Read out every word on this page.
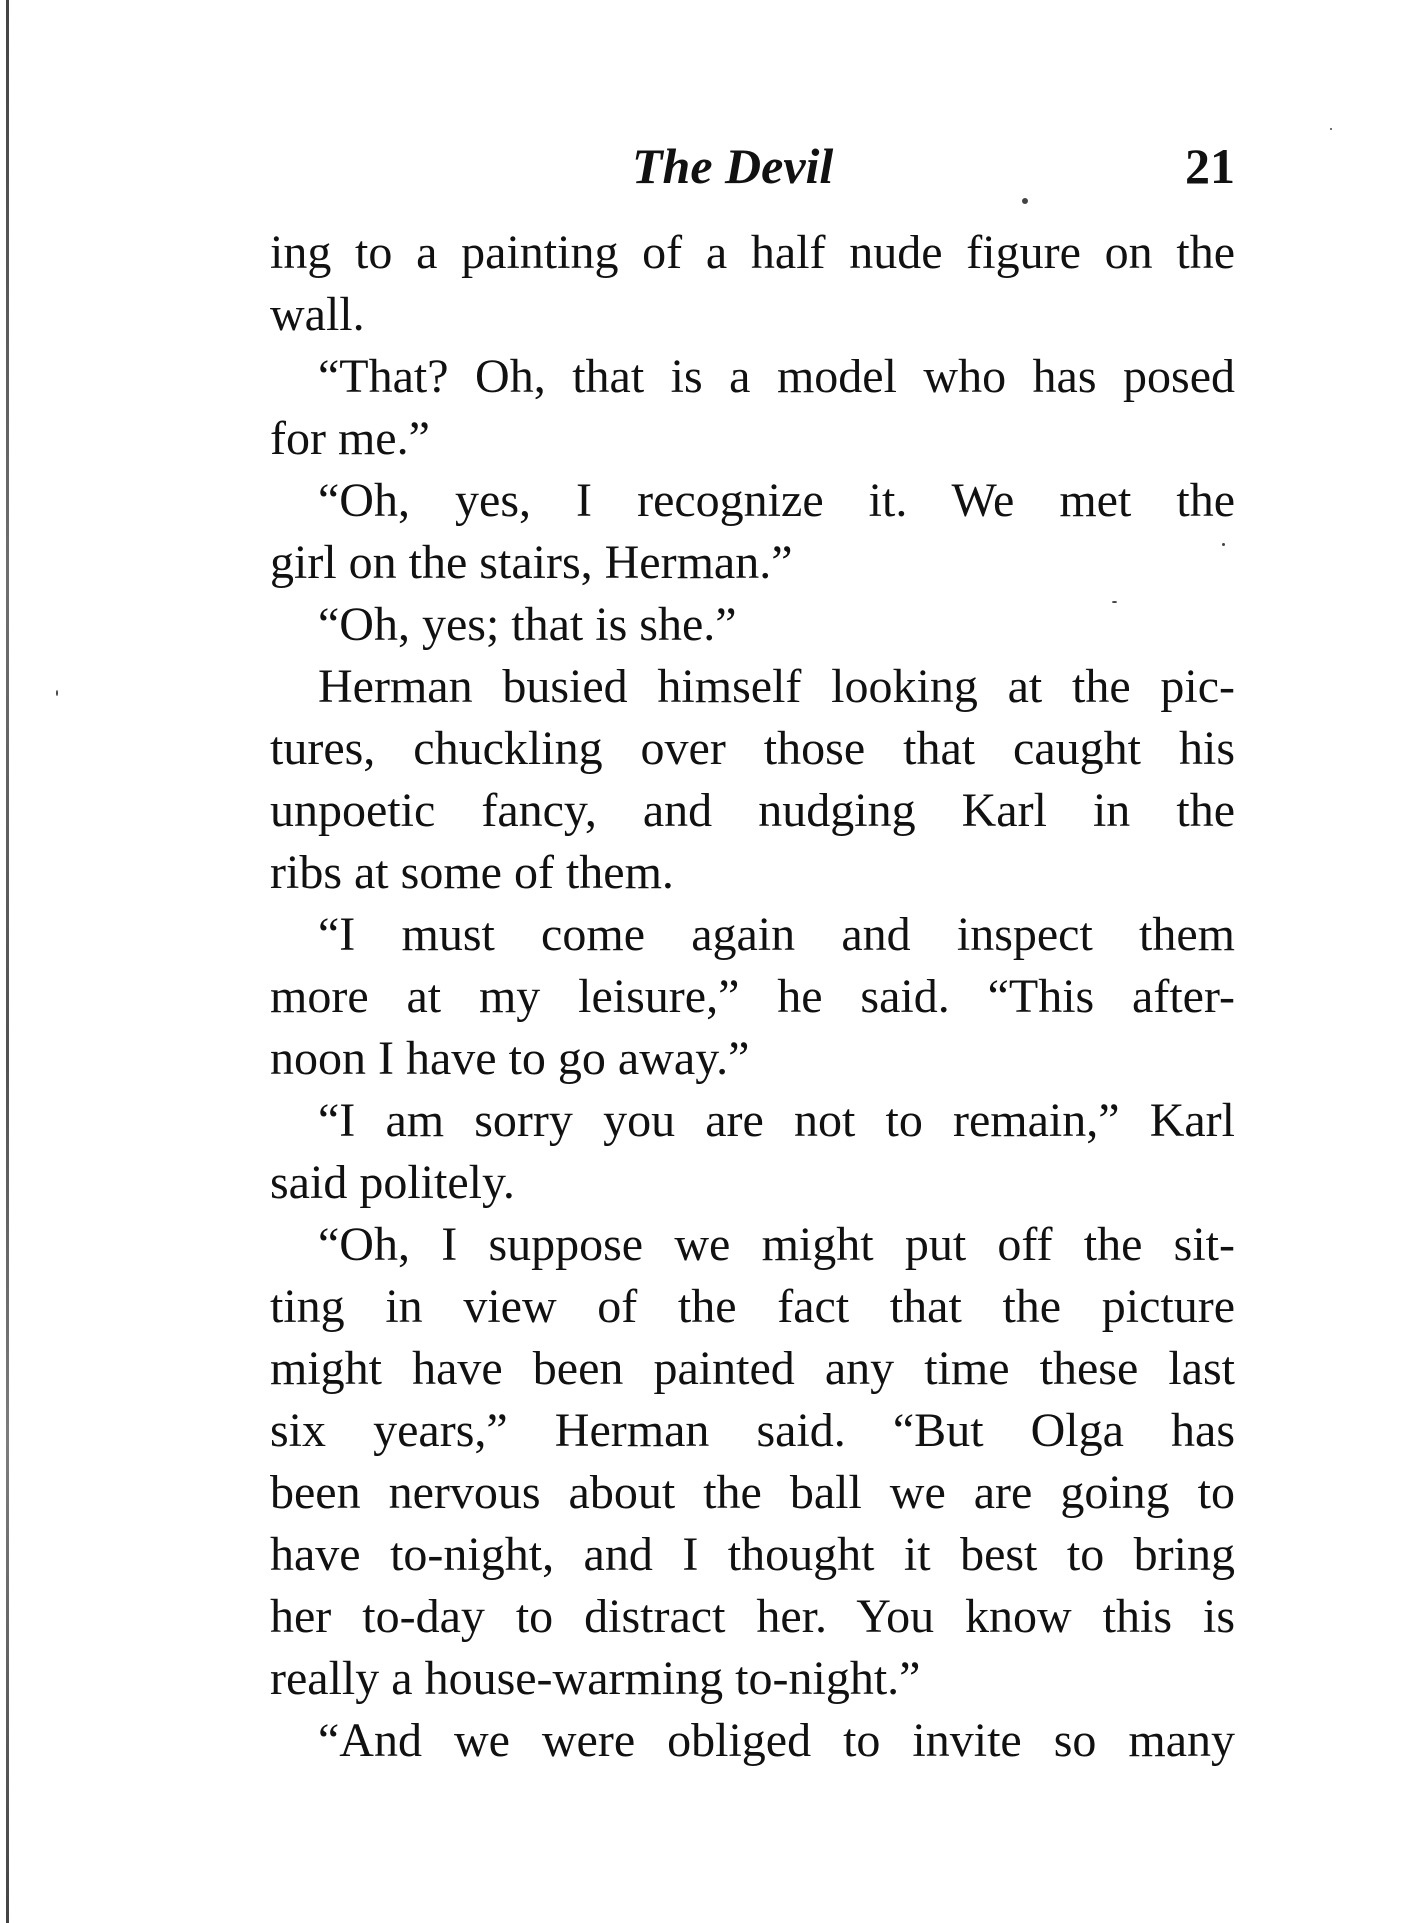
The Devil	21
ing to a painting of a half nude figure on the
wall.
“That? Oh, that is a model who has posed
for me.”
“Oh, yes, I recognize it. We met the
girl on the stairs, Herman.”
“Oh, yes; that is she.”
Herman busied himself looking at the pic-
tures, chuckling over those that caught his
unpoetic fancy, and nudging Karl in the
ribs at some of them.
“I must come again and inspect them
more at my leisure,” he said. “This after-
noon I have to go away.”
“I am sorry you are not to remain,” Karl
said politely.
“Oh, I suppose we might put off the sit-
ting in view of the fact that the picture
might have been painted any time these last
six years,” Herman said. “But Olga has
been nervous about the ball we are going to
have to-night, and I thought it best to bring
her to-day to distract her. You know this is
really a house-warming to-night.”
“And we were obliged to invite so many
